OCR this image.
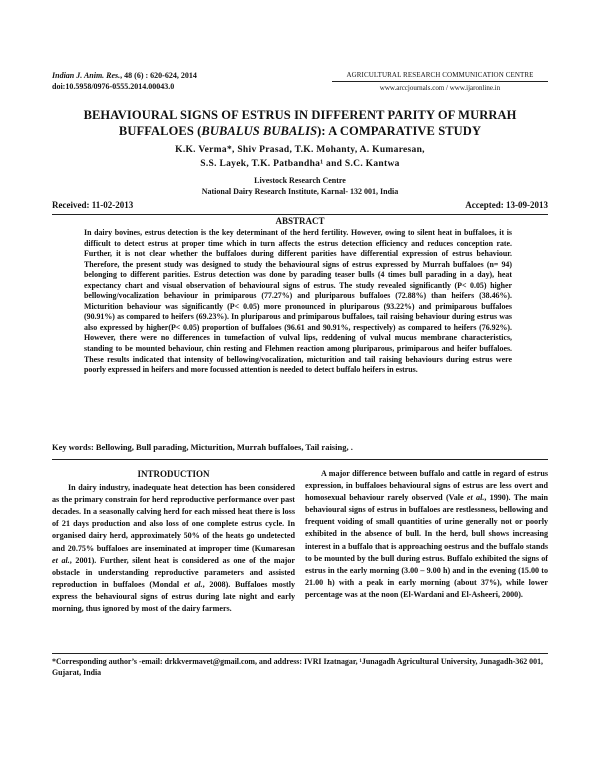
Indian J. Anim. Res., 48 (6) : 620-624, 2014
doi:10.5958/0976-0555.2014.00043.0
AGRICULTURAL RESEARCH COMMUNICATION CENTRE
www.arccjournals.com / www.ijaronline.in
BEHAVIOURAL SIGNS OF ESTRUS IN DIFFERENT PARITY OF MURRAH
BUFFALOES (BUBALUS BUBALIS): A COMPARATIVE STUDY
K.K. Verma*, Shiv Prasad, T.K. Mohanty, A. Kumaresan,
S.S. Layek, T.K. Patbandha¹ and S.C. Kantwa
Livestock Research Centre
National Dairy Research Institute, Karnal- 132 001, India
Received: 11-02-2013	Accepted: 13-09-2013
ABSTRACT
In dairy bovines, estrus detection is the key determinant of the herd fertility. However, owing to silent heat in buffaloes, it is difficult to detect estrus at proper time which in turn affects the estrus detection efficiency and reduces conception rate. Further, it is not clear whether the buffaloes during different parities have differential expression of estrus behaviour. Therefore, the present study was designed to study the behavioural signs of estrus expressed by Murrah buffaloes (n= 94) belonging to different parities. Estrus detection was done by parading teaser bulls (4 times bull parading in a day), heat expectancy chart and visual observation of behavioural signs of estrus. The study revealed significantly (P< 0.05) higher bellowing/vocalization behaviour in primiparous (77.27%) and pluriparous buffaloes (72.88%) than heifers (38.46%). Micturition behaviour was significantly (P< 0.05) more pronounced in pluriparous (93.22%) and primiparous buffaloes (90.91%) as compared to heifers (69.23%). In pluriparous and primiparous buffaloes, tail raising behaviour during estrus was also expressed by higher(P< 0.05) proportion of buffaloes (96.61 and 90.91%, respectively) as compared to heifers (76.92%). However, there were no differences in tumefaction of vulval lips, reddening of vulval mucus membrane characteristics, standing to be mounted behaviour, chin resting and Flehmen reaction among pluriparous, primiparous and heifer buffaloes. These results indicated that intensity of bellowing/vocalization, micturition and tail raising behaviours during estrus were poorly expressed in heifers and more focussed attention is needed to detect buffalo heifers in estrus.
Key words: Bellowing, Bull parading, Micturition, Murrah buffaloes, Tail raising, .
INTRODUCTION

In dairy industry, inadequate heat detection has been considered as the primary constrain for herd reproductive performance over past decades. In a seasonally calving herd for each missed heat there is loss of 21 days production and also loss of one complete estrus cycle. In organised dairy herd, approximately 50% of the heats go undetected and 20.75% buffaloes are inseminated at improper time (Kumaresan et al., 2001). Further, silent heat is considered as one of the major obstacle in understanding reproductive parameters and assisted reproduction in buffaloes (Mondal et al., 2008). Buffaloes mostly express the behavioural signs of estrus during late night and early morning, thus ignored by most of the dairy farmers.

A major difference between buffalo and cattle in regard of estrus expression, in buffaloes behavioural signs of estrus are less overt and homosexual behaviour rarely observed (Vale et al., 1990). The main behavioural signs of estrus in buffaloes are restlessness, bellowing and frequent voiding of small quantities of urine generally not or poorly exhibited in the absence of bull. In the herd, bull shows increasing interest in a buffalo that is approaching oestrus and the buffalo stands to be mounted by the bull during estrus. Buffalo exhibited the signs of estrus in the early morning (3.00 – 9.00 h) and in the evening (15.00 to 21.00 h) with a peak in early morning (about 37%), while lower percentage was at the noon (El-Wardani and El-Asheeri, 2000).

*Corresponding author’s -email: drkkvermavet@gmail.com, and address: IVRI Izatnagar, ¹Junagadh Agricultural University, Junagadh-362 001, Gujarat, India
